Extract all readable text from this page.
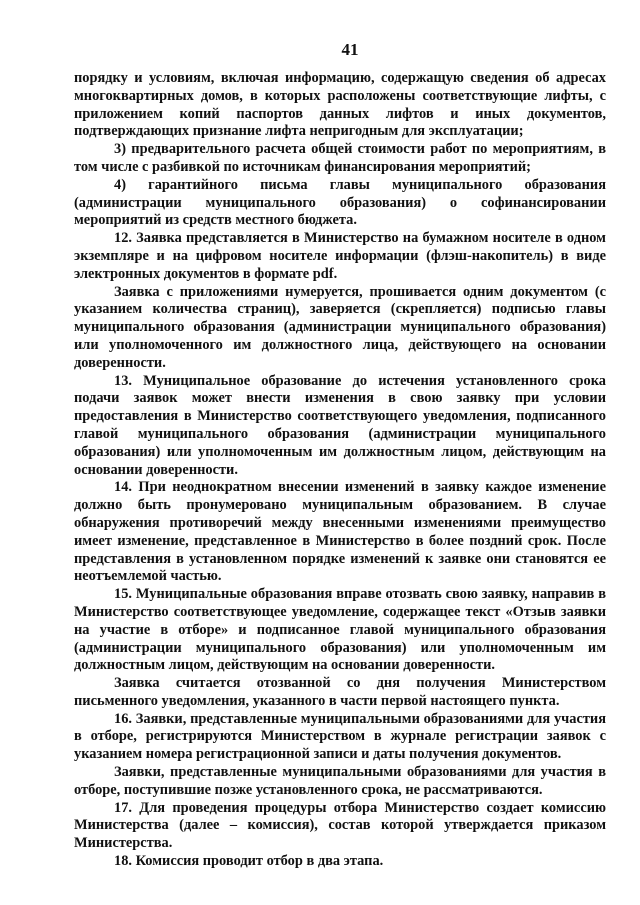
41

порядку и условиям, включая информацию, содержащую сведения об адресах многоквартирных домов, в которых расположены соответствующие лифты, с приложением копий паспортов данных лифтов и иных документов, подтверждающих признание лифта непригодным для эксплуатации;

3) предварительного расчета общей стоимости работ по мероприятиям, в том числе с разбивкой по источникам финансирования мероприятий;

4) гарантийного письма главы муниципального образования (администрации муниципального образования) о софинансировании мероприятий из средств местного бюджета.

12. Заявка представляется в Министерство на бумажном носителе в одном экземпляре и на цифровом носителе информации (флэш-накопитель) в виде электронных документов в формате pdf.

Заявка с приложениями нумеруется, прошивается одним документом (с указанием количества страниц), заверяется (скрепляется) подписью главы муниципального образования (администрации муниципального образования) или уполномоченного им должностного лица, действующего на основании доверенности.

13. Муниципальное образование до истечения установленного срока подачи заявок может внести изменения в свою заявку при условии предоставления в Министерство соответствующего уведомления, подписанного главой муниципального образования (администрации муниципального образования) или уполномоченным им должностным лицом, действующим на основании доверенности.

14. При неоднократном внесении изменений в заявку каждое изменение должно быть пронумеровано муниципальным образованием. В случае обнаружения противоречий между внесенными изменениями преимущество имеет изменение, представленное в Министерство в более поздний срок. После представления в установленном порядке изменений к заявке они становятся ее неотъемлемой частью.

15. Муниципальные образования вправе отозвать свою заявку, направив в Министерство соответствующее уведомление, содержащее текст «Отзыв заявки на участие в отборе» и подписанное главой муниципального образования (администрации муниципального образования) или уполномоченным им должностным лицом, действующим на основании доверенности.

Заявка считается отозванной со дня получения Министерством письменного уведомления, указанного в части первой настоящего пункта.

16. Заявки, представленные муниципальными образованиями для участия в отборе, регистрируются Министерством в журнале регистрации заявок с указанием номера регистрационной записи и даты получения документов.

Заявки, представленные муниципальными образованиями для участия в отборе, поступившие позже установленного срока, не рассматриваются.

17. Для проведения процедуры отбора Министерство создает комиссию Министерства (далее – комиссия), состав которой утверждается приказом Министерства.

18. Комиссия проводит отбор в два этапа.
